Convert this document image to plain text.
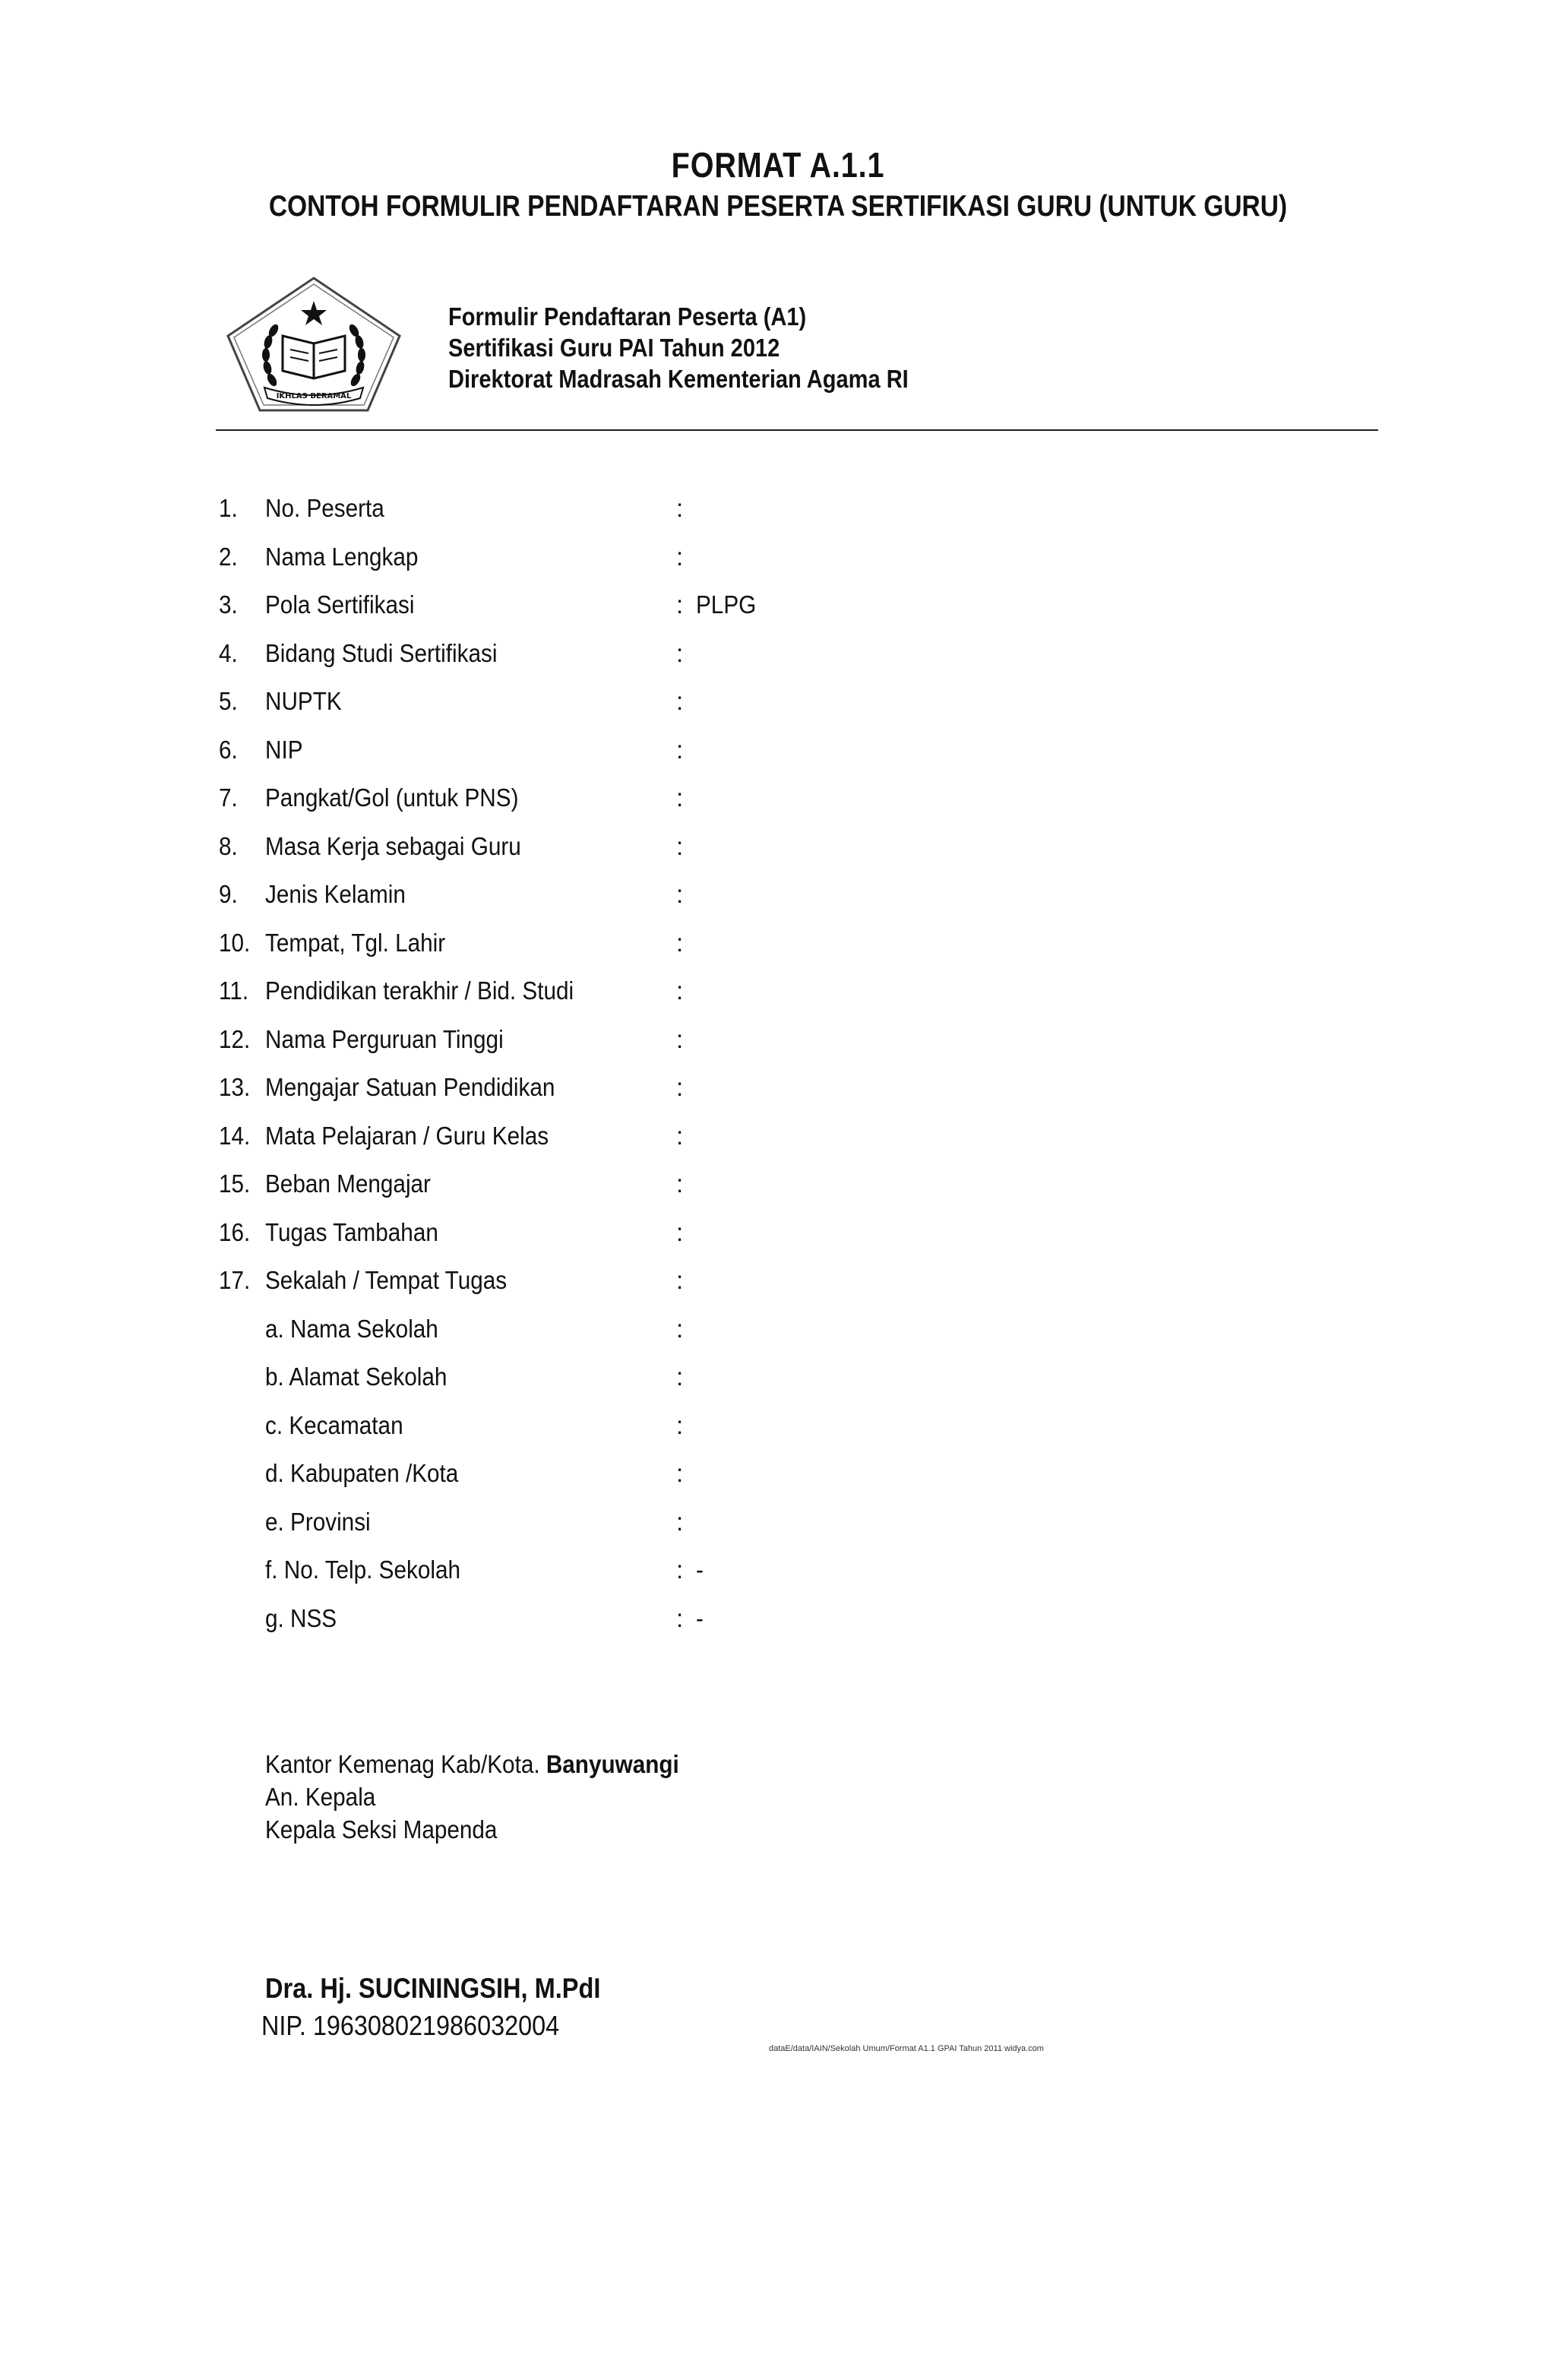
FORMAT A.1.1
CONTOH FORMULIR PENDAFTARAN PESERTA SERTIFIKASI GURU (UNTUK GURU)
IKHLAS BERAMAL
Formulir Pendaftaran Peserta (A1)
Sertifikasi Guru PAI Tahun 2012
Direktorat Madrasah Kementerian Agama RI
1. No. Peserta	:
2. Nama Lengkap	:
3. Pola Sertifikasi	: PLPG
4. Bidang Studi Sertifikasi	:
5. NUPTK	:
6. NIP	:
7. Pangkat/Gol (untuk PNS)	:
8. Masa Kerja sebagai Guru	:
9. Jenis Kelamin	:
10. Tempat, Tgl. Lahir	:
11. Pendidikan terakhir / Bid. Studi	:
12. Nama Perguruan Tinggi	:
13. Mengajar Satuan Pendidikan	:
14. Mata Pelajaran / Guru Kelas	:
15. Beban Mengajar	:
16. Tugas Tambahan	:
17. Sekalah / Tempat Tugas	:
a. Nama Sekolah	:
b. Alamat Sekolah	:
c. Kecamatan	:
d. Kabupaten /Kota	:
e. Provinsi	:
f. No. Telp. Sekolah	: -
g. NSS	: -
Kantor Kemenag Kab/Kota. Banyuwangi
An. Kepala
Kepala Seksi Mapenda
Dra. Hj. SUCININGSIH, M.PdI
NIP. 196308021986032004
dataE/data/IAIN/Sekolah Umum/Format A1.1 GPAI Tahun 2011 widya.com
